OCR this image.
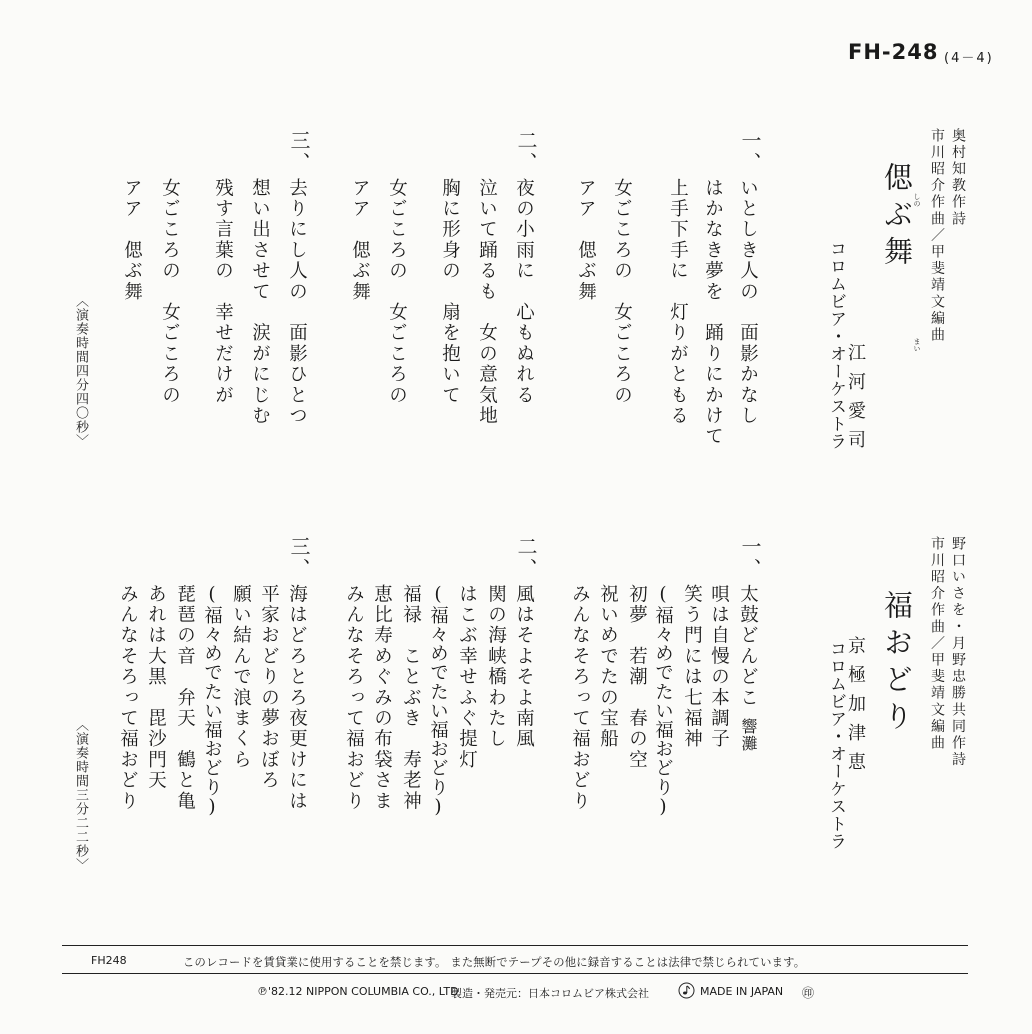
FH-248 (4－4)
奥村知教作詩
市川昭介作曲／甲斐靖文編曲
偲ぶ舞 しの
まい
江河愛司
コロムビア・オーケストラ
一、
いとしき人の　面影かなし
はかなき夢を　踊りにかけて
上手下手に　灯りがともる
女ごころの　女ごころの
アア　偲ぶ舞
二、
夜の小雨に　心もぬれる
泣いて踊るも　女の意気地
胸に形身の　扇を抱いて
女ごころの　女ごころの
アア　偲ぶ舞
三、
去りにし人の　面影ひとつ
想い出させて　涙がにじむ
残す言葉の　幸せだけが
女ごころの　女ごころの
アア　偲ぶ舞
〈演奏時間四分四〇秒〉
野口いさを・月野忠勝共同作詩
市川昭介作曲／甲斐靖文編曲
福おどり
京極加津恵
コロムビア・オーケストラ
一、
太鼓どんどこ
響灘
唄は自慢の本調子
笑う門には七福神
(福々めでたい福おどり)
初夢　若潮　春の空
祝いめでたの宝船
みんなそろって福おどり
二、
風はそよそよ南風
関の海峡橋わたし
はこぶ幸せふぐ提灯
(福々めでたい福おどり)
福禄　ことぶき　寿老神
恵比寿めぐみの布袋さま
みんなそろって福おどり
三、
海はどろとろ夜更けには
平家おどりの夢おぼろ
願い結んで浪まくら
(福々めでたい福おどり)
琵琶の音　弁天　鶴と亀
あれは大黒　毘沙門天
みんなそろって福おどり
〈演奏時間三分二二秒〉
FH248	このレコードを賃貸業に使用することを禁じます。 また無断でテープその他に録音することは法律で禁じられています。
℗'82.12 NIPPON COLUMBIA CO., LTD
製造・発売元：日本コロムビア株式会社	MADE IN JAPAN ㊞
